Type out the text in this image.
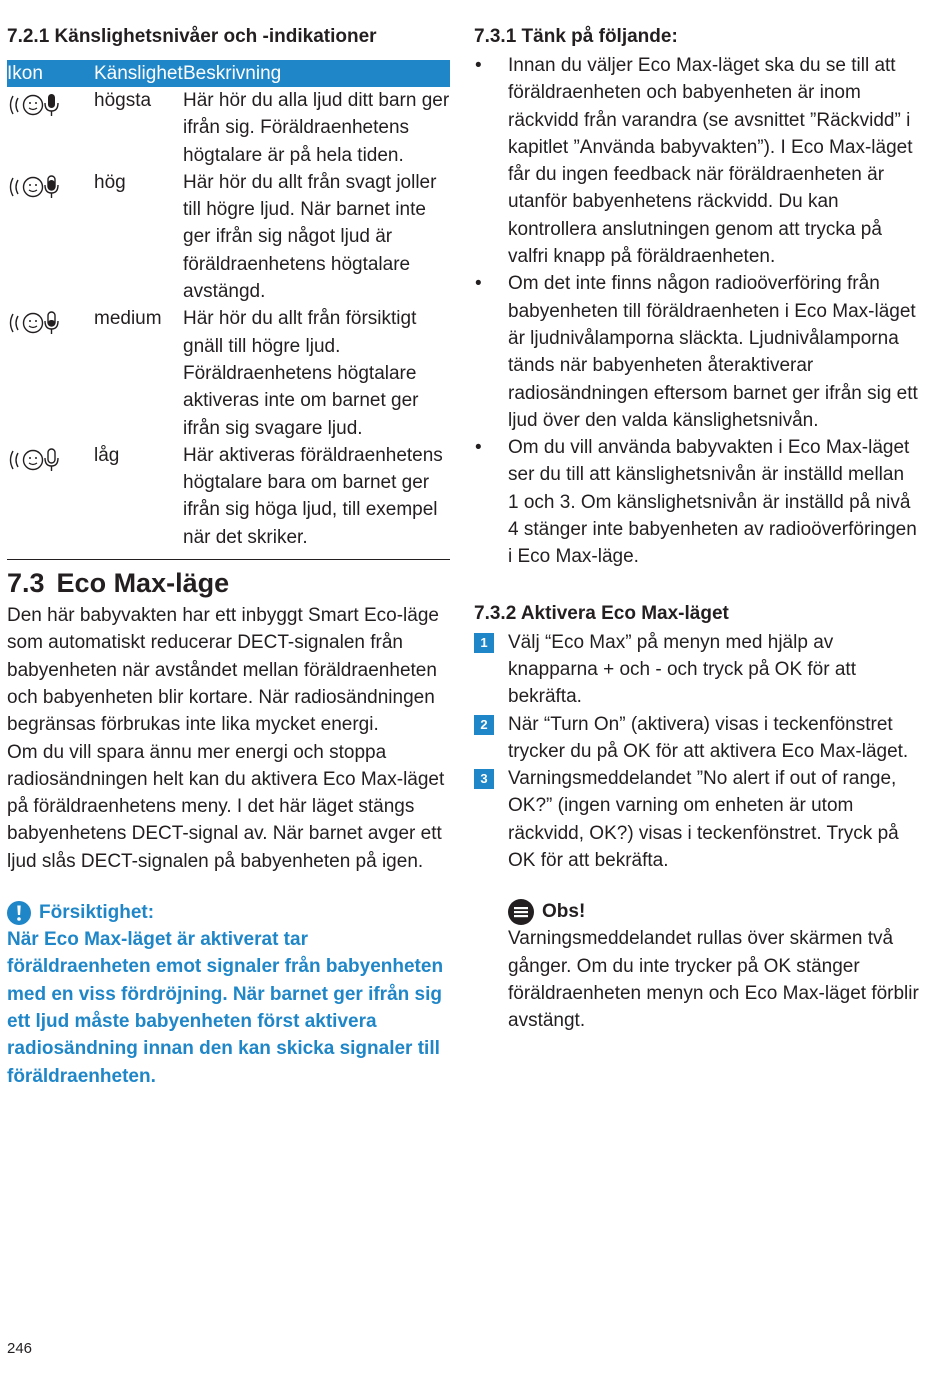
7.2.1 Känslighetsnivåer och -indikationer
Ikon	Känslighet Beskrivning
högsta	Här hör du alla ljud ditt barn ger ifrån sig. Föräldraenhetens högtalare är på hela tiden.
hög	Här hör du allt från svagt joller till högre ljud. När barnet inte ger ifrån sig något ljud är föräldraenhetens högtalare avstängd.
medium	Här hör du allt från försiktigt gnäll till högre ljud. Föräldraenhetens högtalare aktiveras inte om barnet ger ifrån sig svagare ljud.
låg	Här aktiveras föräldraenhetens högtalare bara om barnet ger ifrån sig höga ljud, till exempel när det skriker.
7.3 Eco Max-läge

Den här babyvakten har ett inbyggt Smart Eco-läge som automatiskt reducerar DECT-signalen från babyenheten när avståndet mellan föräldraenheten och babyenheten blir kortare. När radiosändningen begränsas förbrukas inte lika mycket energi.

Om du vill spara ännu mer energi och stoppa radiosändningen helt kan du aktivera Eco Max-läget på föräldraenhetens meny. I det här läget stängs babyenhetens DECT-signal av. När barnet avger ett ljud slås DECT-signalen på babyenheten på igen.

Försiktighet:
När Eco Max-läget är aktiverat tar föräldraenheten emot signaler från babyenheten med en viss fördröjning. När barnet ger ifrån sig ett ljud måste babyenheten först aktivera radiosändning innan den kan skicka signaler till föräldraenheten.
7.3.1 Tänk på följande:
• Innan du väljer Eco Max-läget ska du se till att föräldraenheten och babyenheten är inom räckvidd från varandra (se avsnittet ”Räckvidd” i kapitlet ”Använda babyvakten”). I Eco Max-läget får du ingen feedback när föräldraenheten är utanför babyenhetens räckvidd. Du kan kontrollera anslutningen genom att trycka på valfri knapp på föräldraenheten.
• Om det inte finns någon radioöverföring från babyenheten till föräldraenheten i Eco Max-läget är ljudnivålamporna släckta. Ljudnivålamporna tänds när babyenheten återaktiverar radiosändningen eftersom barnet ger ifrån sig ett ljud över den valda känslighetsnivån.
• Om du vill använda babyvakten i Eco Max-läget ser du till att känslighetsnivån är inställd mellan 1 och 3. Om känslighetsnivån är inställd på nivå 4 stänger inte babyenheten av radioöverföringen i Eco Max-läge.
7.3.2 Aktivera Eco Max-läget
1	Välj “Eco Max” på menyn med hjälp av knapparna + och - och tryck på OK för att bekräfta.
2	När “Turn On” (aktivera) visas i teckenfönstret trycker du på OK för att aktivera Eco Max-läget.
3	Varningsmeddelandet ”No alert if out of range, OK?” (ingen varning om enheten är utom räckvidd, OK?) visas i teckenfönstret. Tryck på OK för att bekräfta.
Obs!
Varningsmeddelandet rullas över skärmen två gånger. Om du inte trycker på OK stänger föräldraenheten menyn och Eco Max-läget förblir avstängt.
246
